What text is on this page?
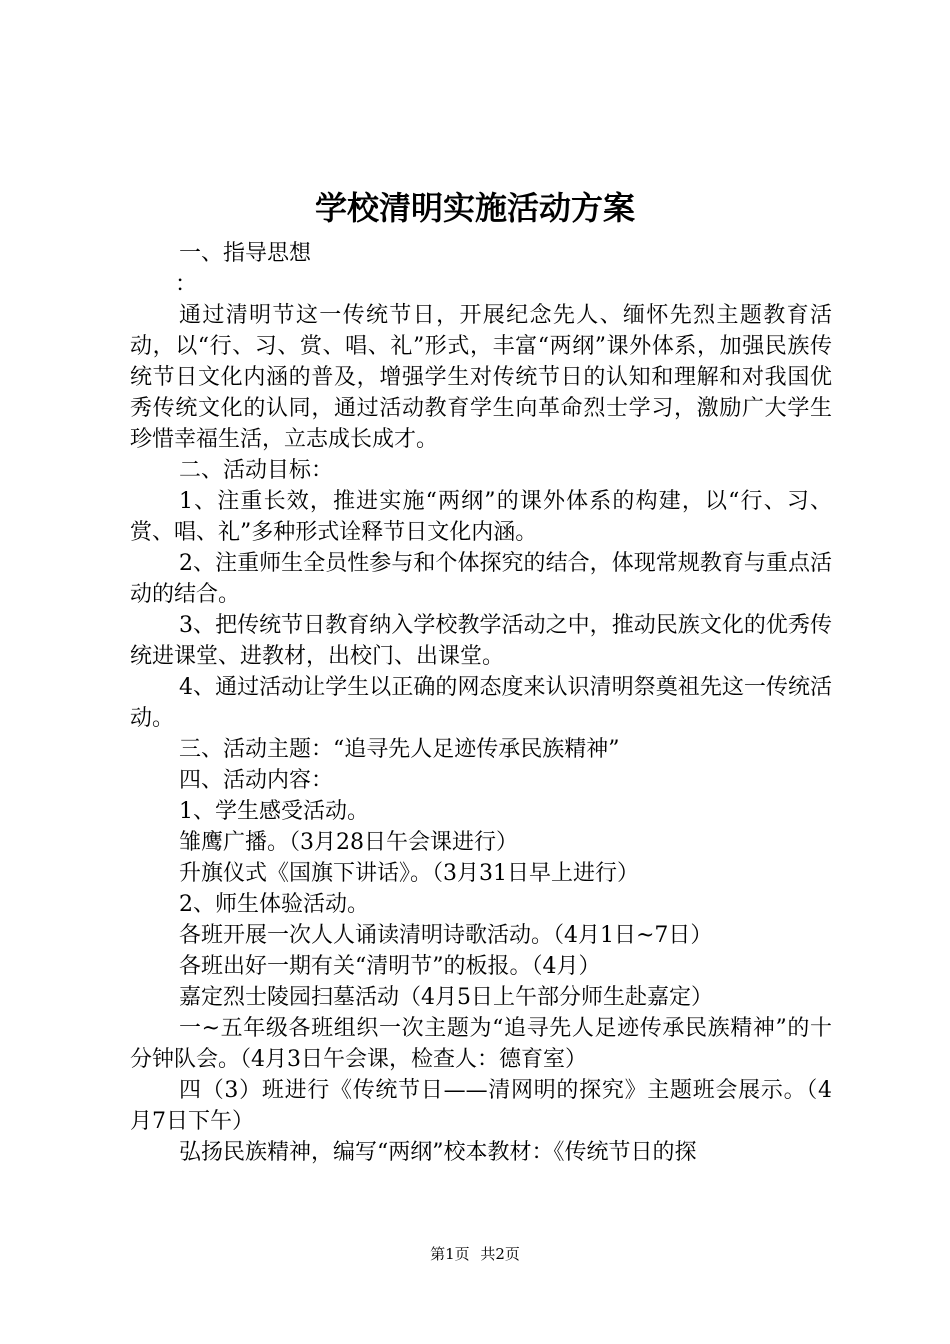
学校清明实施活动方案

一、指导思想

：

通过清明节这一传统节日，开展纪念先人、缅怀先烈主题教育活动，以“行、习、赏、唱、礼”形式，丰富“两纲”课外体系，加强民族传统节日文化内涵的普及，增强学生对传统节日的认知和理解和对我国优秀传统文化的认同，通过活动教育学生向革命烈士学习，激励广大学生珍惜幸福生活，立志成长成才。

二、活动目标：

1、注重长效，推进实施“两纲”的课外体系的构建，以“行、习、赏、唱、礼”多种形式诠释节日文化内涵。

2、注重师生全员性参与和个体探究的结合，体现常规教育与重点活动的结合。

3、把传统节日教育纳入学校教学活动之中，推动民族文化的优秀传统进课堂、进教材，出校门、出课堂。

4、通过活动让学生以正确的网态度来认识清明祭奠祖先这一传统活动。

三、活动主题：“追寻先人足迹传承民族精神”

四、活动内容：

1、学生感受活动。

雏鹰广播。（3月28日午会课进行）

升旗仪式《国旗下讲话》。（3月31日早上进行）

2、师生体验活动。

各班开展一次人人诵读清明诗歌活动。（4月1日~7日）

各班出好一期有关“清明节”的板报。（4月）

嘉定烈士陵园扫墓活动（4月5日上午部分师生赴嘉定）

一~五年级各班组织一次主题为“追寻先人足迹传承民族精神”的十分钟队会。（4月3日午会课，检查人：德育室）

四（3）班进行《传统节日——清网明的探究》主题班会展示。（4月7日下午）

弘扬民族精神，编写“两纲”校本教材：《传统节日的探

第1页 共2页
